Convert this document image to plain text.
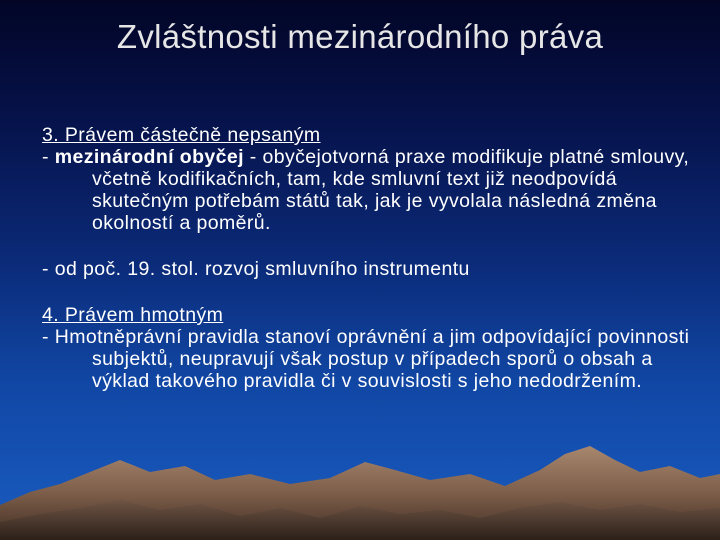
Zvláštnosti mezinárodního práva

3. Právem částečně nepsaným

- mezinárodní obyčej - obyčejotvorná praxe modifikuje platné smlouvy, včetně kodifikačních, tam, kde smluvní text již neodpovídá skutečným potřebám států tak, jak je vyvolala následná změna okolností a poměrů.

- od poč. 19. stol. rozvoj smluvního instrumentu

4. Právem hmotným

- Hmotněprávní pravidla stanoví oprávnění a jim odpovídající povinnosti subjektů, neupravují však postup v případech sporů o obsah a výklad takového pravidla či v souvislosti s jeho nedodržením.
